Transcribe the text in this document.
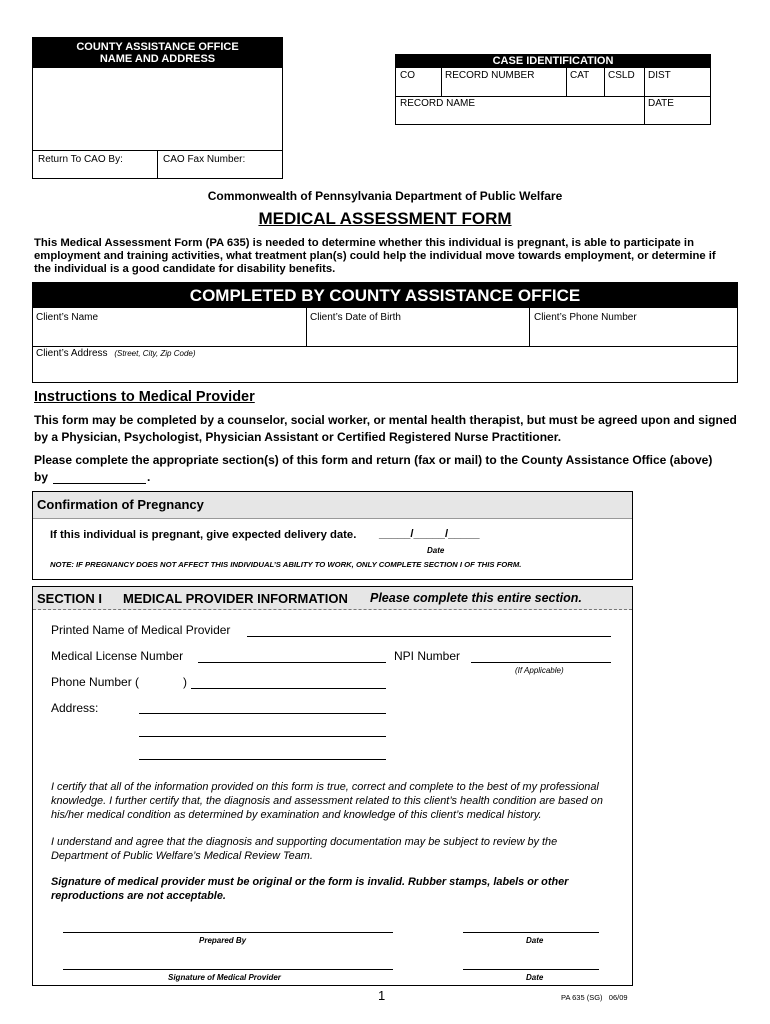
COUNTY ASSISTANCE OFFICE
NAME AND ADDRESS
Return To CAO By:	CAO Fax Number:
CASE IDENTIFICATION
CO	RECORD NUMBER	CAT CSLD DIST
RECORD NAME	DATE
Commonwealth of Pennsylvania Department of Public Welfare
MEDICAL ASSESSMENT FORM
This Medical Assessment Form (PA 635) is needed to determine whether this individual is pregnant, is able to participate in employment and training activities, what treatment plan(s) could help the individual move towards employment, or determine if the individual is a good candidate for disability benefits.
COMPLETED BY COUNTY ASSISTANCE OFFICE
Client’s Name	Client’s Date of Birth	Client’s Phone Number
Client’s Address (Street, City, Zip Code)
Instructions to Medical Provider
This form may be completed by a counselor, social worker, or mental health therapist, but must be agreed upon and signed by a Physician, Psychologist, Physician Assistant or Certified Registered Nurse Practitioner.
Please complete the appropriate section(s) of this form and return (fax or mail) to the County Assistance Office (above)
by	.
Confirmation of Pregnancy
If this individual is pregnant, give expected delivery date. _____/_____/_____
Date
NOTE: IF PREGNANCY DOES NOT AFFECT THIS INDIVIDUAL’S ABILITY TO WORK, ONLY COMPLETE SECTION I OF THIS FORM.
SECTION I MEDICAL PROVIDER INFORMATION Please complete this entire section.
Printed Name of Medical Provider
Medical License Number	NPI Number
(If Applicable)
Phone Number (	)
Address:
I certify that all of the information provided on this form is true, correct and complete to the best of my professional knowledge. I further certify that, the diagnosis and assessment related to this client’s health condition are based on his/her medical condition as determined by examination and knowledge of this client’s medical history.
I understand and agree that the diagnosis and supporting documentation may be subject to review by the Department of Public Welfare’s Medical Review Team.
Signature of medical provider must be original or the form is invalid. Rubber stamps, labels or other reproductions are not acceptable.
Prepared By	Date
Signature of Medical Provider	Date
1	PA 635 (SG)   06/09
